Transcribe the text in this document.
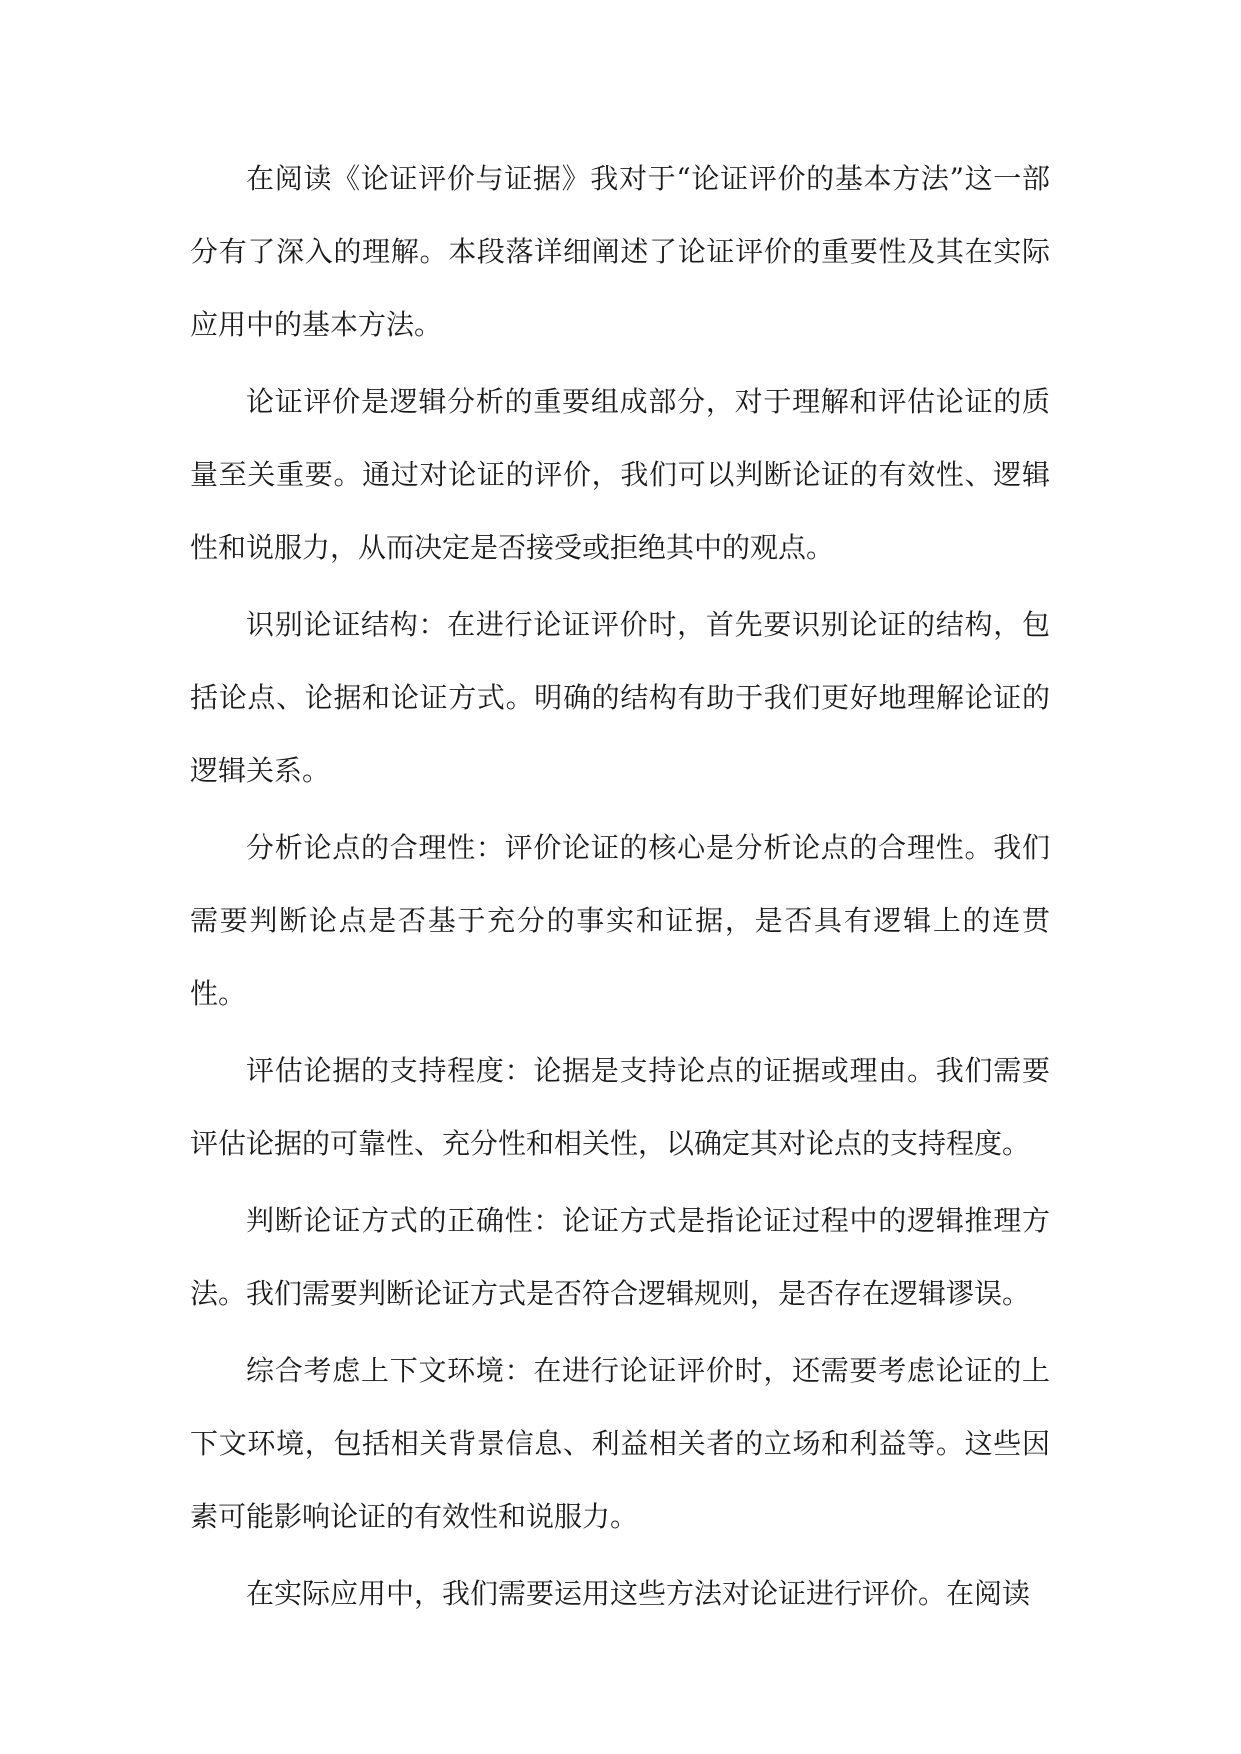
在阅读《论证评价与证据》我对于“论证评价的基本方法”这一部分有了深入的理解。本段落详细阐述了论证评价的重要性及其在实际应用中的基本方法。

论证评价是逻辑分析的重要组成部分，对于理解和评估论证的质量至关重要。通过对论证的评价，我们可以判断论证的有效性、逻辑性和说服力，从而决定是否接受或拒绝其中的观点。

识别论证结构：在进行论证评价时，首先要识别论证的结构，包括论点、论据和论证方式。明确的结构有助于我们更好地理解论证的逻辑关系。

分析论点的合理性：评价论证的核心是分析论点的合理性。我们需要判断论点是否基于充分的事实和证据，是否具有逻辑上的连贯性。

评估论据的支持程度：论据是支持论点的证据或理由。我们需要评估论据的可靠性、充分性和相关性，以确定其对论点的支持程度。

判断论证方式的正确性：论证方式是指论证过程中的逻辑推理方法。我们需要判断论证方式是否符合逻辑规则，是否存在逻辑谬误。

综合考虑上下文环境：在进行论证评价时，还需要考虑论证的上下文环境，包括相关背景信息、利益相关者的立场和利益等。这些因素可能影响论证的有效性和说服力。

在实际应用中，我们需要运用这些方法对论证进行评价。在阅读
